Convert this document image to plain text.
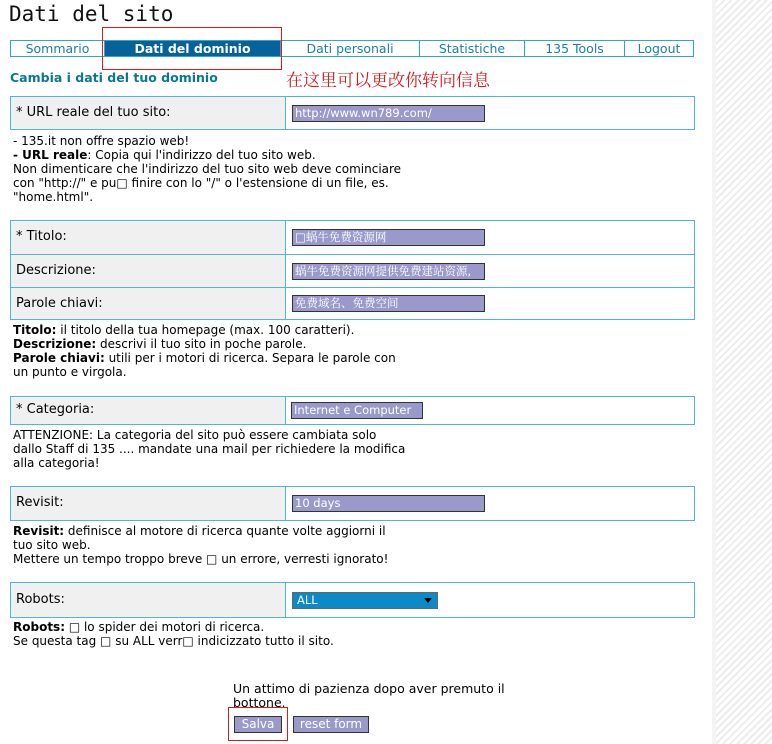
Dati del sito
Sommario	Dati del dominio	Dati personali	Statistiche	135 Tools	Logout
Cambia i dati del tuo dominio	在这里可以更改你转向信息
* URL reale del tuo sito:	http://www.wn789.com/
- 135.it non offre spazio web!
- URL reale: Copia qui l'indirizzo del tuo sito web.
Non dimenticare che l'indirizzo del tuo sito web deve cominciare
con "http://" e pu□ finire con lo "/" o l'estensione di un file, es.
"home.html".
* Titolo:	□蜗牛免费资源网
Descrizione:	蜗牛免费资源网提供免费建站资源,
Parole chiavi:	免费域名、免费空间
Titolo: il titolo della tua homepage (max. 100 caratteri).
Descrizione: descrivi il tuo sito in poche parole.
Parole chiavi: utili per i motori di ricerca. Separa le parole con
un punto e virgola.
* Categoria:	Internet e Computer
ATTENZIONE: La categoria del sito può essere cambiata solo
dallo Staff di 135 .... mandate una mail per richiedere la modifica
alla categoria!
Revisit:	10 days
Revisit: definisce al motore di ricerca quante volte aggiorni il
tuo sito web.
Mettere un tempo troppo breve □ un errore, verresti ignorato!
Robots:	ALL
Robots: □ lo spider dei motori di ricerca.
Se questa tag □ su ALL verr□ indicizzato tutto il sito.
Un attimo di pazienza dopo aver premuto il bottone.
Salva	reset form
